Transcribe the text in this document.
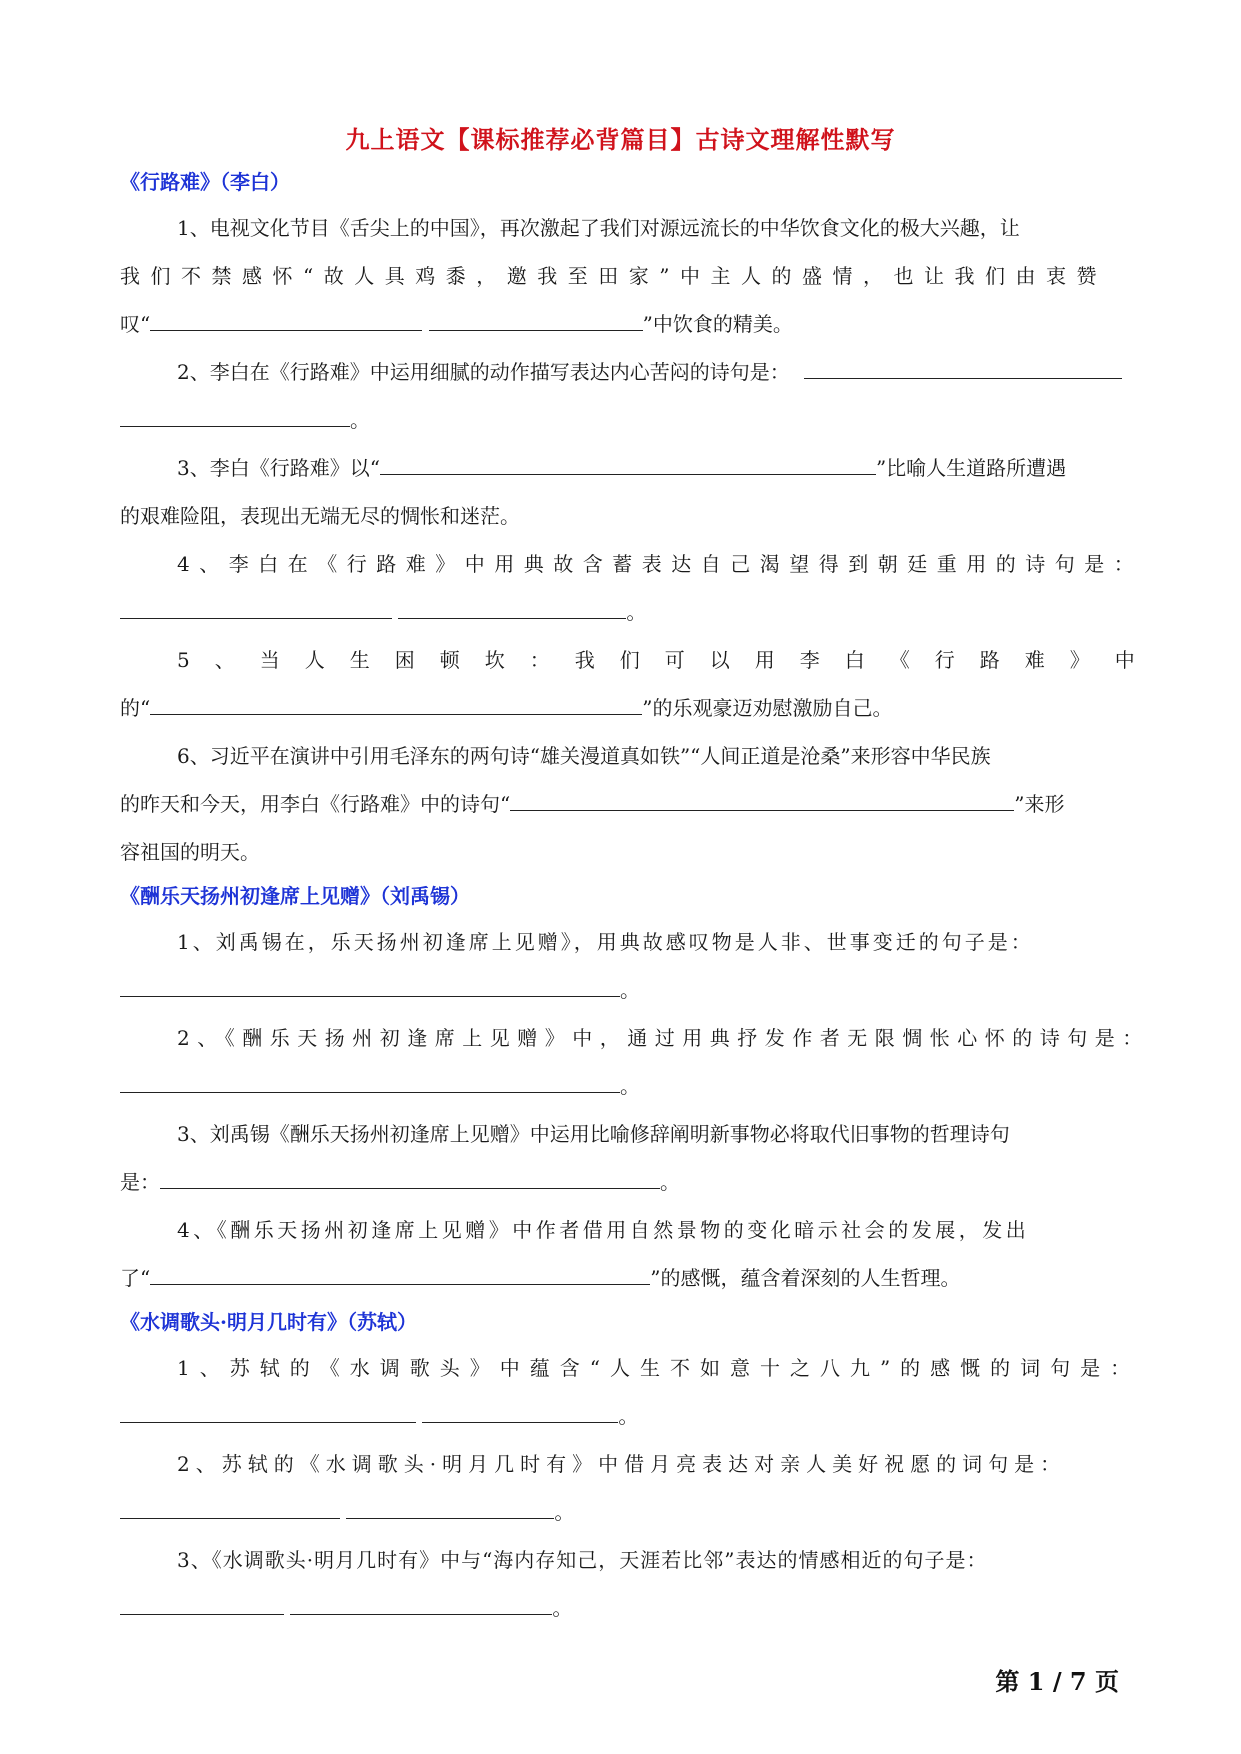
九上语文【课标推荐必背篇目】古诗文理解性默写
《行路难》（李白）
1、电视文化节目《舌尖上的中国》，再次激起了我们对源远流长的中华饮食文化的极大兴趣，让
我们不禁感怀“故人具鸡黍，邀我至田家”中主人的盛情，也让我们由衷赞
叹“	”中饮食的精美。
2、李白在《行路难》中运用细腻的动作描写表达内心苦闷的诗句是：
。
3、李白《行路难》以“	”比喻人生道路所遭遇
的艰难险阻，表现出无端无尽的惆怅和迷茫。
4、李白在《行路难》中用典故含蓄表达自己渴望得到朝廷重用的诗句是：
。
5、当人生困顿坎：我们可以用李白《行路难》中
的“	”的乐观豪迈劝慰激励自己。
6、习近平在演讲中引用毛泽东的两句诗“雄关漫道真如铁”“人间正道是沧桑”来形容中华民族
的昨天和今天，用李白《行路难》中的诗句“	”来形
容祖国的明天。
《酬乐天扬州初逢席上见赠》（刘禹锡）
1、刘禹锡在，乐天扬州初逢席上见赠》，用典故感叹物是人非、世事变迁的句子是：
。
2、《酬乐天扬州初逢席上见赠》中，通过用典抒发作者无限惆怅心怀的诗句是：
。
3、刘禹锡《酬乐天扬州初逢席上见赠》中运用比喻修辞阐明新事物必将取代旧事物的哲理诗句
是：	。
4、《酬乐天扬州初逢席上见赠》中作者借用自然景物的变化暗示社会的发展，发出
了“	”的感慨，蕴含着深刻的人生哲理。
《水调歌头·明月几时有》（苏轼）
1、苏轼的《水调歌头》中蕴含“人生不如意十之八九”的感慨的词句是：
。
2、苏轼的《水调歌头·明月几时有》中借月亮表达对亲人美好祝愿的词句是：
。
3、《水调歌头·明月几时有》中与“海内存知己，天涯若比邻”表达的情感相近的句子是：
。
第 1 / 7 页
